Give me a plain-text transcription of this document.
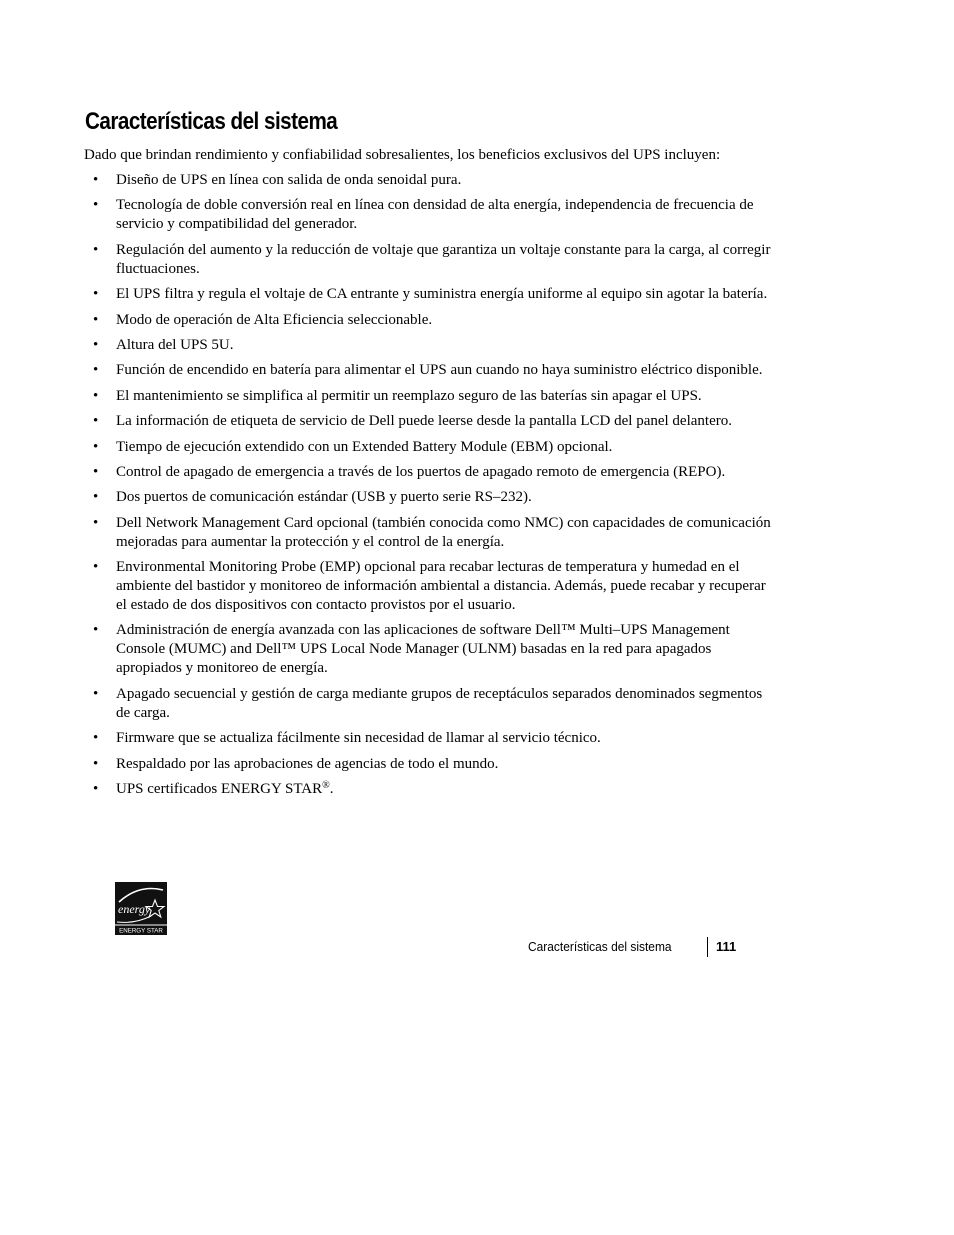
Características del sistema

Dado que brindan rendimiento y confiabilidad sobresalientes, los beneficios exclusivos del UPS incluyen:

• Diseño de UPS en línea con salida de onda senoidal pura.
• Tecnología de doble conversión real en línea con densidad de alta energía, independencia de frecuencia de servicio y compatibilidad del generador.
• Regulación del aumento y la reducción de voltaje que garantiza un voltaje constante para la carga, al corregir fluctuaciones.
• El UPS filtra y regula el voltaje de CA entrante y suministra energía uniforme al equipo sin agotar la batería.
• Modo de operación de Alta Eficiencia seleccionable.
• Altura del UPS 5U.
• Función de encendido en batería para alimentar el UPS aun cuando no haya suministro eléctrico disponible.
• El mantenimiento se simplifica al permitir un reemplazo seguro de las baterías sin apagar el UPS.
• La información de etiqueta de servicio de Dell puede leerse desde la pantalla LCD del panel delantero.
• Tiempo de ejecución extendido con un Extended Battery Module (EBM) opcional.
• Control de apagado de emergencia a través de los puertos de apagado remoto de emergencia (REPO).
• Dos puertos de comunicación estándar (USB y puerto serie RS–232).
• Dell Network Management Card opcional (también conocida como NMC) con capacidades de comunicación mejoradas para aumentar la protección y el control de la energía.
• Environmental Monitoring Probe (EMP) opcional para recabar lecturas de temperatura y humedad en el ambiente del bastidor y monitoreo de información ambiental a distancia. Además, puede recabar y recuperar el estado de dos dispositivos con contacto provistos por el usuario.
• Administración de energía avanzada con las aplicaciones de software Dell™ Multi–UPS Management Console (MUMC) and Dell™ UPS Local Node Manager (ULNM) basadas en la red para apagados apropiados y monitoreo de energía.
• Apagado secuencial y gestión de carga mediante grupos de receptáculos separados denominados segmentos de carga.
• Firmware que se actualiza fácilmente sin necesidad de llamar al servicio técnico.
• Respaldado por las aprobaciones de agencias de todo el mundo.
• UPS certificados ENERGY STAR®.
energy
ENERGY STAR
Características del sistema	111
